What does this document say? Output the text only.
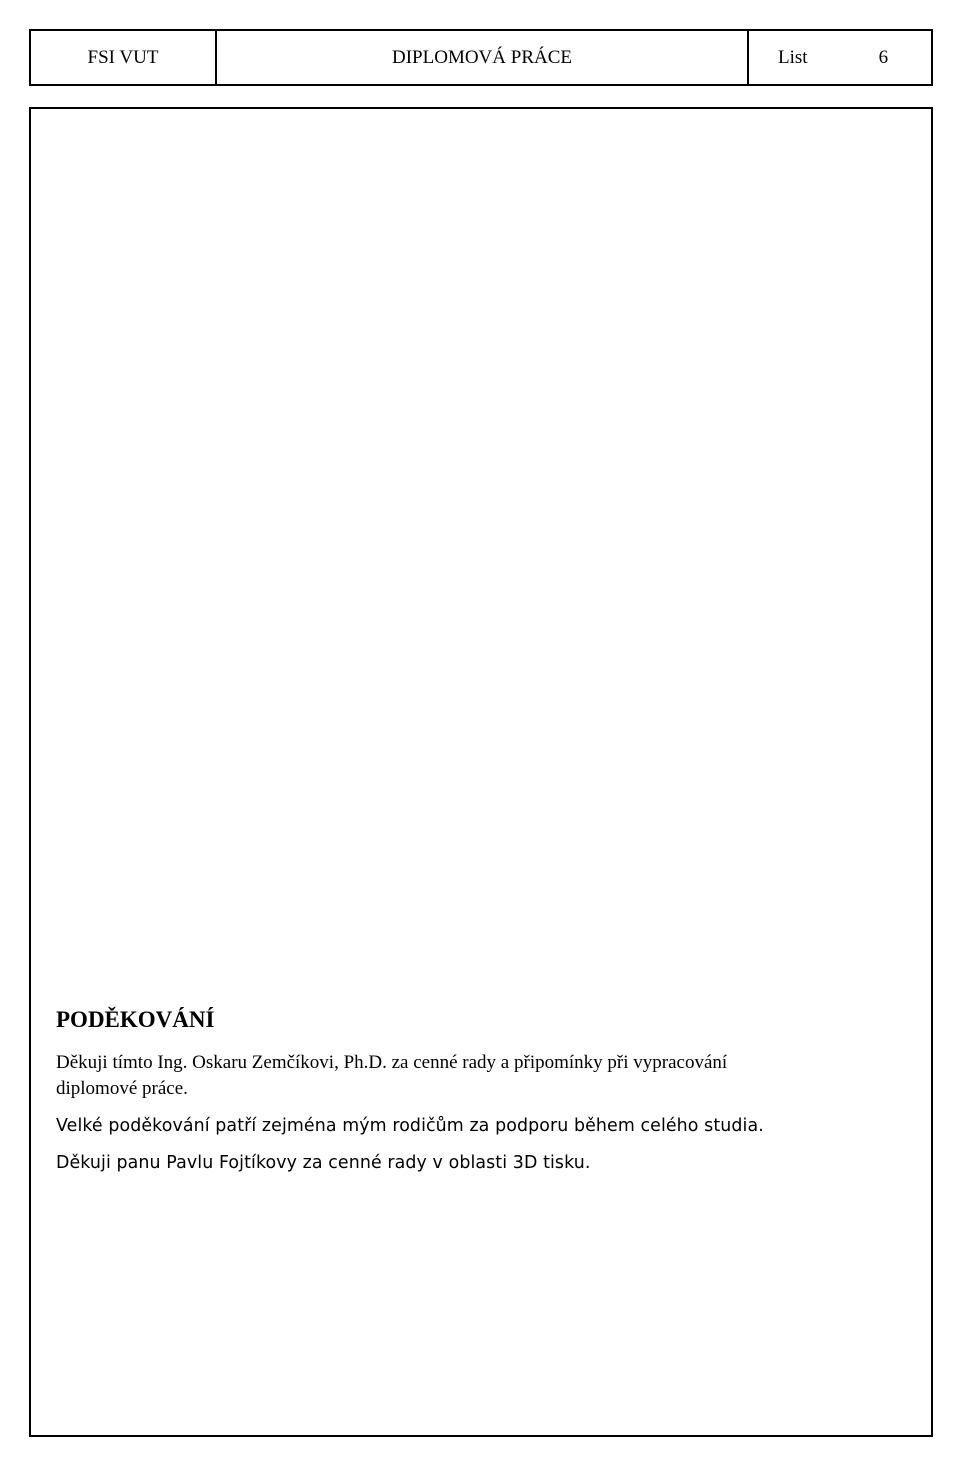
FSI VUT	DIPLOMOVÁ PRÁCE	List	6
PODĚKOVÁNÍ

Děkuji tímto Ing. Oskaru Zemčíkovi, Ph.D. za cenné rady a připomínky při vypracování
diplomové práce.

Velké poděkování patří zejména mým rodičům za podporu během celého studia.

Děkuji panu Pavlu Fojtíkovy za cenné rady v oblasti 3D tisku.
